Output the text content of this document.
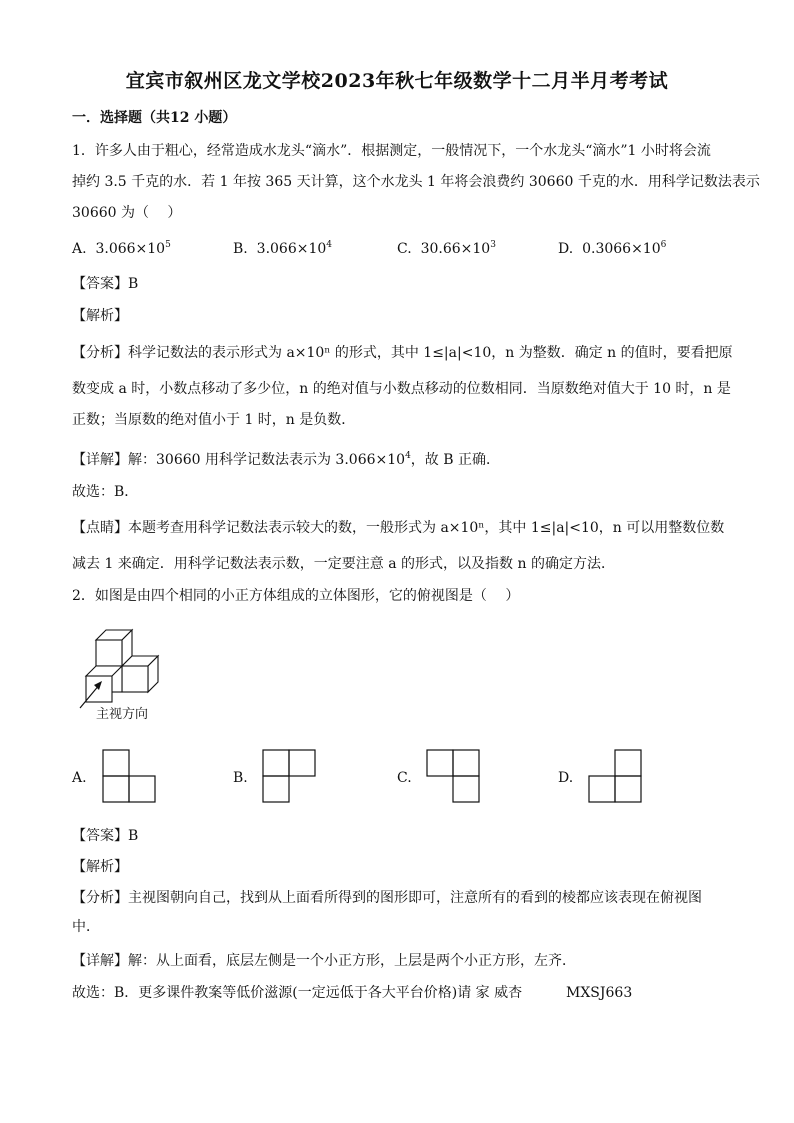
宜宾市叙州区龙文学校2023年秋七年级数学十二月半月考考试
一．选择题（共12 小题）
1．许多人由于粗心，经常造成水龙头“滴水”．根据测定，一般情况下，一个水龙头“滴水”1 小时将会流
掉约 3.5 千克的水．若 1 年按 365 天计算，这个水龙头 1 年将会浪费约 30660 千克的水．用科学记数法表示
30660 为（　 ）
A. $3.066\times 10^5$	B. $3.066\times 10^4$	C. $30.66\times 10^3$	D. $0.3066\times 10^6$
【答案】B
【解析】
【分析】科学记数法的表示形式为 a×10ⁿ 的形式，其中 1≤|a|<10，n 为整数．确定 n 的值时，要看把原
数变成 a 时，小数点移动了多少位，n 的绝对值与小数点移动的位数相同．当原数绝对值大于 10 时，n 是
正数；当原数的绝对值小于 1 时，n 是负数．
【详解】解：30660 用科学记数法表示为 $3.066\times 10^4$，故 B 正确．
故选：B．
【点睛】本题考查用科学记数法表示较大的数，一般形式为 a×10ⁿ，其中 1≤|a|<10，n 可以用整数位数
减去 1 来确定．用科学记数法表示数，一定要注意 a 的形式，以及指数 n 的确定方法．
2．如图是由四个相同的小正方体组成的立体图形，它的俯视图是（　 ）
主视方向
A.	B.	C.	D.
【答案】B
【解析】
【分析】主视图朝向自己，找到从上面看所得到的图形即可，注意所有的看到的棱都应该表现在俯视图
中．
【详解】解：从上面看，底层左侧是一个小正方形，上层是两个小正方形，左齐．
故选：B．更多课件教案等低价滋源(一定远低于各大平台价格)请 家 威杏	MXSJ663
